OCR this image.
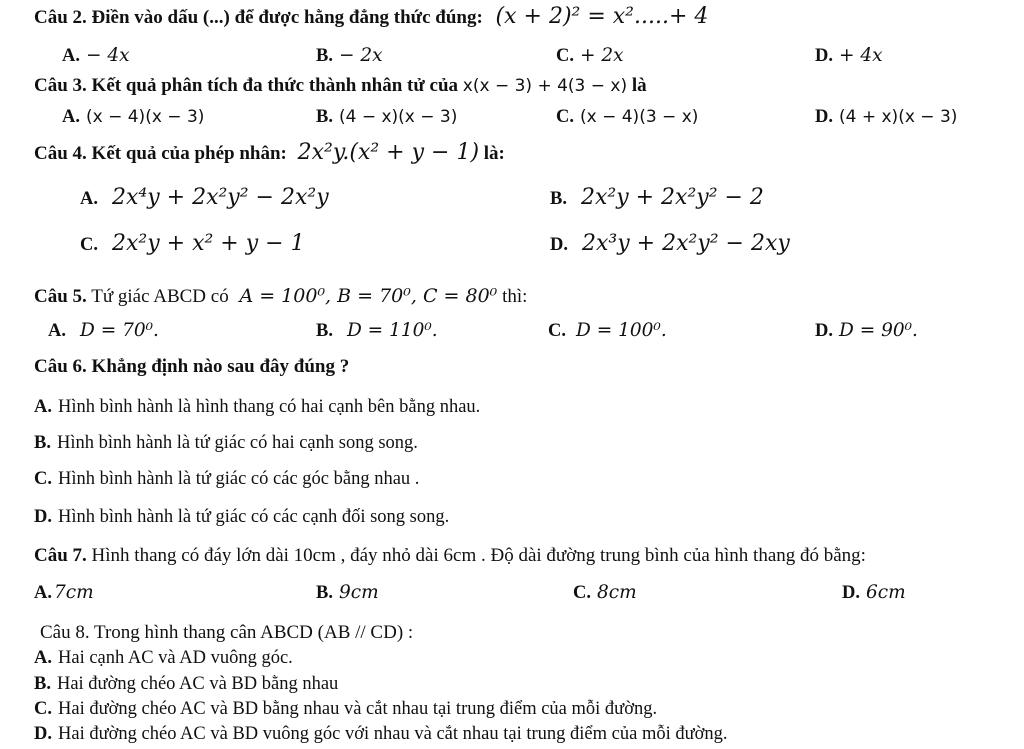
Câu 2. Điền vào dấu (...) để được hằng đẳng thức đúng: (x + 2)² = x².....+ 4
A. − 4x	B. − 2x	C. + 2x	D. + 4x
Câu 3. Kết quả phân tích đa thức thành nhân tử của x(x − 3) + 4(3 − x) là
A. (x − 4)(x − 3)	B. (4 − x)(x − 3)	C. (x − 4)(3 − x)	D. (4 + x)(x − 3)
Câu 4. Kết quả của phép nhân: 2x²y.(x² + y − 1) là:
A. 2x⁴y + 2x²y² − 2x²y	B. 2x²y + 2x²y² − 2
C. 2x²y + x² + y − 1	D. 2x³y + 2x²y² − 2xy
Câu 5. Tứ giác ABCD có A = 100⁰, B = 70⁰, C = 80⁰ thì:
A. D = 70⁰.	B. D = 110⁰.	C. D = 100⁰.	D. D = 90⁰.
Câu 6. Khẳng định nào sau đây đúng ?
A. Hình bình hành là hình thang có hai cạnh bên bằng nhau.
B. Hình bình hành là tứ giác có hai cạnh song song.
C. Hình bình hành là tứ giác có các góc bằng nhau .
D. Hình bình hành là tứ giác có các cạnh đối song song.
Câu 7. Hình thang có đáy lớn dài 10cm , đáy nhỏ dài 6cm . Độ dài đường trung bình của hình thang đó bằng:
A. 7cm	B. 9cm	C. 8cm	D. 6cm
Câu 8. Trong hình thang cân ABCD (AB // CD) :
A. Hai cạnh AC và AD vuông góc.
B. Hai đường chéo AC và BD bằng nhau
C. Hai đường chéo AC và BD bằng nhau và cắt nhau tại trung điểm của mỗi đường.
D. Hai đường chéo AC và BD vuông góc với nhau và cắt nhau tại trung điểm của mỗi đường.
